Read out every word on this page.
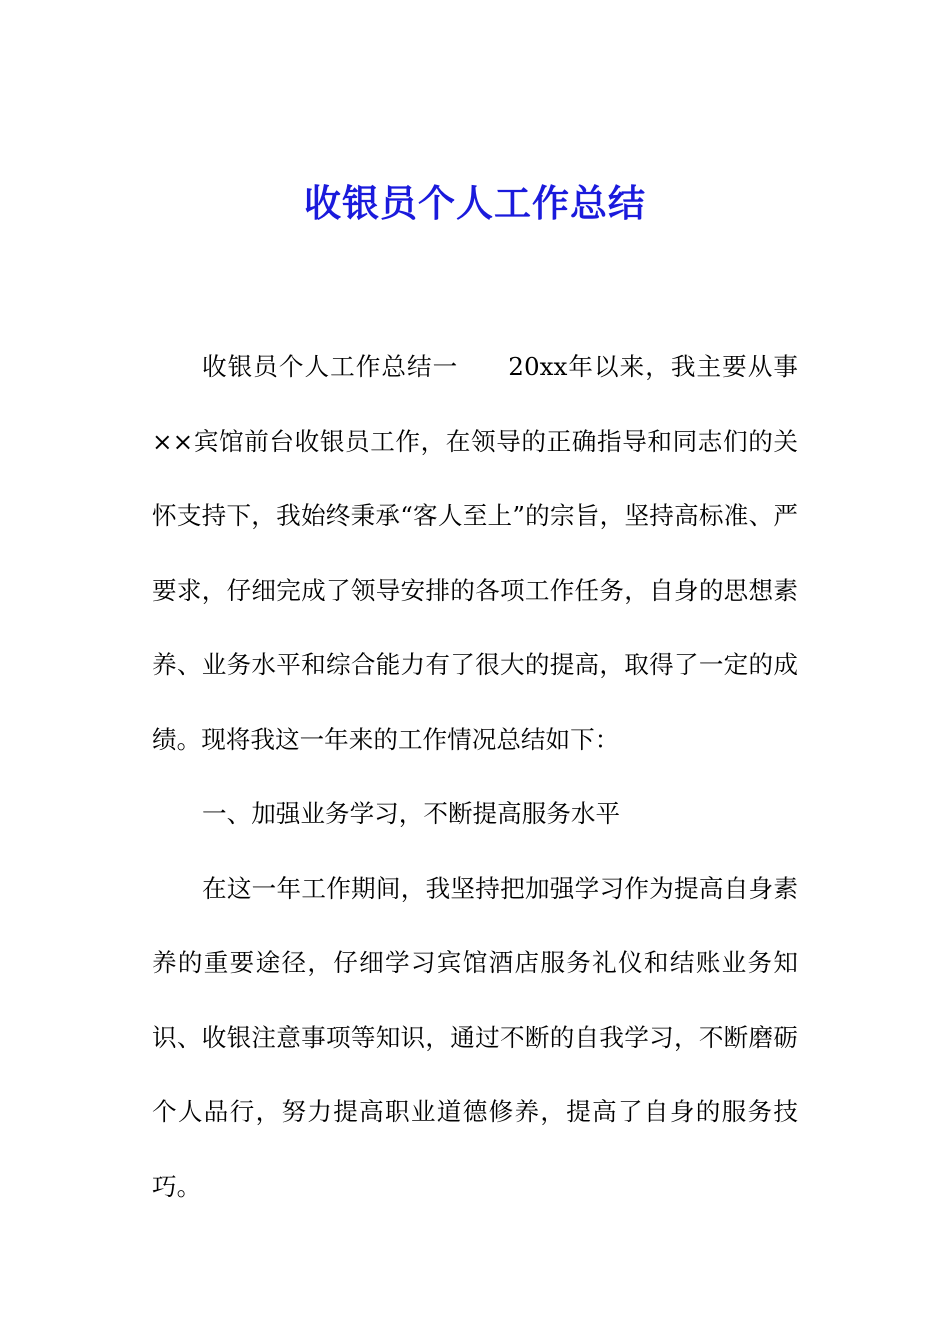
收银员个人工作总结

收银员个人工作总结一 20xx年以来，我主要从事××宾馆前台收银员工作，在领导的正确指导和同志们的关怀支持下，我始终秉承“客人至上”的宗旨，坚持高标准、严要求，仔细完成了领导安排的各项工作任务，自身的思想素养、业务水平和综合能力有了很大的提高，取得了一定的成绩。现将我这一年来的工作情况总结如下：

一、加强业务学习，不断提高服务水平

在这一年工作期间，我坚持把加强学习作为提高自身素养的重要途径，仔细学习宾馆酒店服务礼仪和结账业务知识、收银注意事项等知识，通过不断的自我学习，不断磨砺个人品行，努力提高职业道德修养，提高了自身的服务技巧。
